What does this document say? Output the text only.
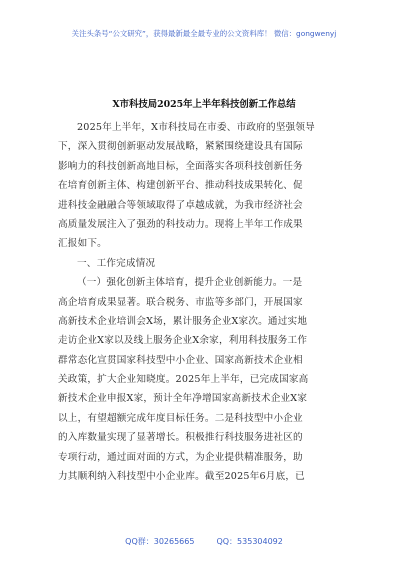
关注头条号“公文研究”，获得最新最全最专业的公文资料库！ 微信：gongwenyj
X市科技局2025年上半年科技创新工作总结
2025年上半年，X市科技局在市委、市政府的坚强领导
下，深入贯彻创新驱动发展战略，紧紧围绕建设具有国际
影响力的科技创新高地目标，全面落实各项科技创新任务
在培育创新主体、构建创新平台、推动科技成果转化、促
进科技金融融合等领域取得了卓越成就，为我市经济社会
高质量发展注入了强劲的科技动力。现将上半年工作成果
汇报如下。
一、工作完成情况
（一）强化创新主体培育，提升企业创新能力。一是
高企培育成果显著。联合税务、市监等多部门，开展国家
高新技术企业培训会X场，累计服务企业X家次。通过实地
走访企业X家以及线上服务企业X余家，利用科技服务工作
群常态化宣贯国家科技型中小企业、国家高新技术企业相
关政策，扩大企业知晓度。2025年上半年，已完成国家高
新技术企业申报X家，预计全年净增国家高新技术企业X家
以上，有望超额完成年度目标任务。二是科技型中小企业
的入库数量实现了显著增长。积极推行科技服务进社区的
专项行动，通过面对面的方式，为企业提供精准服务，助
力其顺利纳入科技型中小企业库。截至2025年6月底，已
QQ群：30265665	QQ：535304092
